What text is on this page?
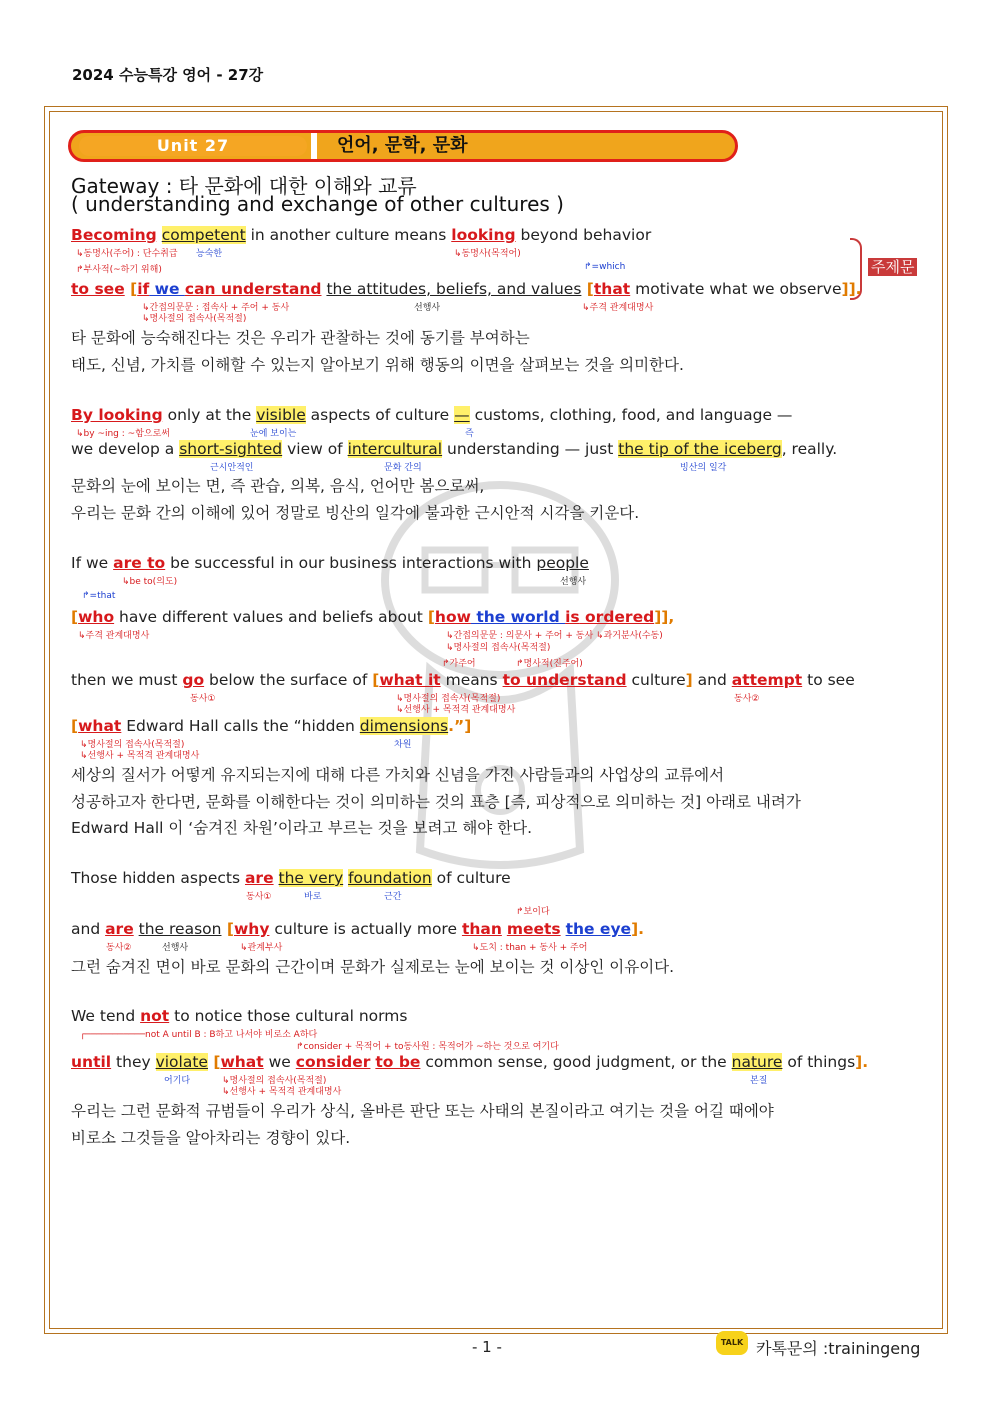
2024 수능특강 영어 - 27강
Unit 27	언어, 문학, 문화
Gateway : 타 문화에 대한 이해와 교류
( understanding and exchange of other cultures )
주제문
Becoming competent in another culture means looking beyond behavior
↳동명사(주어) : 단수취급 능숙한	↳동명사(목적어)
↱부사적(~하기 위해)	↱=which
to see [if we can understand the attitudes, beliefs, and values [that motivate what we observe]].
↳간접의문문 : 접속사 + 주어 + 동사
↳명사절의 접속사(목적절)
선행사	↳주격 관계대명사
타 문화에 능숙해진다는 것은 우리가 관찰하는 것에 동기를 부여하는
태도, 신념, 가치를 이해할 수 있는지 알아보기 위해 행동의 이면을 살펴보는 것을 의미한다.
By looking only at the visible aspects of culture — customs, clothing, food, and language —
↳by ~ing : ~함으로써	눈에 보이는	즉
we develop a short-sighted view of intercultural understanding — just the tip of the iceberg, really.
근시안적인	문화 간의	빙산의 일각
문화의 눈에 보이는 면, 즉 관습, 의복, 음식, 언어만 봄으로써,
우리는 문화 간의 이해에 있어 정말로 빙산의 일각에 불과한 근시안적 시각을 키운다.
If we are to be successful in our business interactions with people
↳be to(의도)	선행사
↱=that
[who have different values and beliefs about [how the world is ordered]],
↳주격 관계대명사	↳간접의문문 : 의문사 + 주어 + 동사 ↳과거분사(수동)
↳명사절의 접속사(목적절)
↱가주어	↱명사적(진주어)
then we must go below the surface of [what it means to understand culture] and attempt to see
동사①	↳명사절의 접속사(목적절)
↳선행사 + 목적격 관계대명사
동사②
[what Edward Hall calls the “hidden dimensions.”]
↳명사절의 접속사(목적절)
↳선행사 + 목적격 관계대명사
차원
세상의 질서가 어떻게 유지되는지에 대해 다른 가치와 신념을 가진 사람들과의 사업상의 교류에서
성공하고자 한다면, 문화를 이해한다는 것이 의미하는 것의 표층 [즉, 피상적으로 의미하는 것] 아래로 내려가
Edward Hall 이 ‘숨겨진 차원’이라고 부르는 것을 보려고 해야 한다.
Those hidden aspects are the very foundation of culture
동사①	바로	근간
↱보이다
and are the reason [why culture is actually more than meets the eye].
동사②	선행사	↳관계부사	↳도치 : than + 동사 + 주어
그런 숨겨진 면이 바로 문화의 근간이며 문화가 실제로는 눈에 보이는 것 이상인 이유이다.
We tend not to notice those cultural norms
┌───────────not A until B : B하고 나서야 비로소 A하다
↱consider + 목적어 + to동사원 : 목적어가 ~하는 것으로 여기다
until they violate [what we consider to be common sense, good judgment, or the nature of things].
어기다	↳명사절의 접속사(목적절)
↳선행사 + 목적격 관계대명사
본질
우리는 그런 문화적 규범들이 우리가 상식, 올바른 판단 또는 사태의 본질이라고 여기는 것을 어길 때에야
비로소 그것들을 알아차리는 경향이 있다.
- 1 -	TALK 카톡문의 :trainingeng
